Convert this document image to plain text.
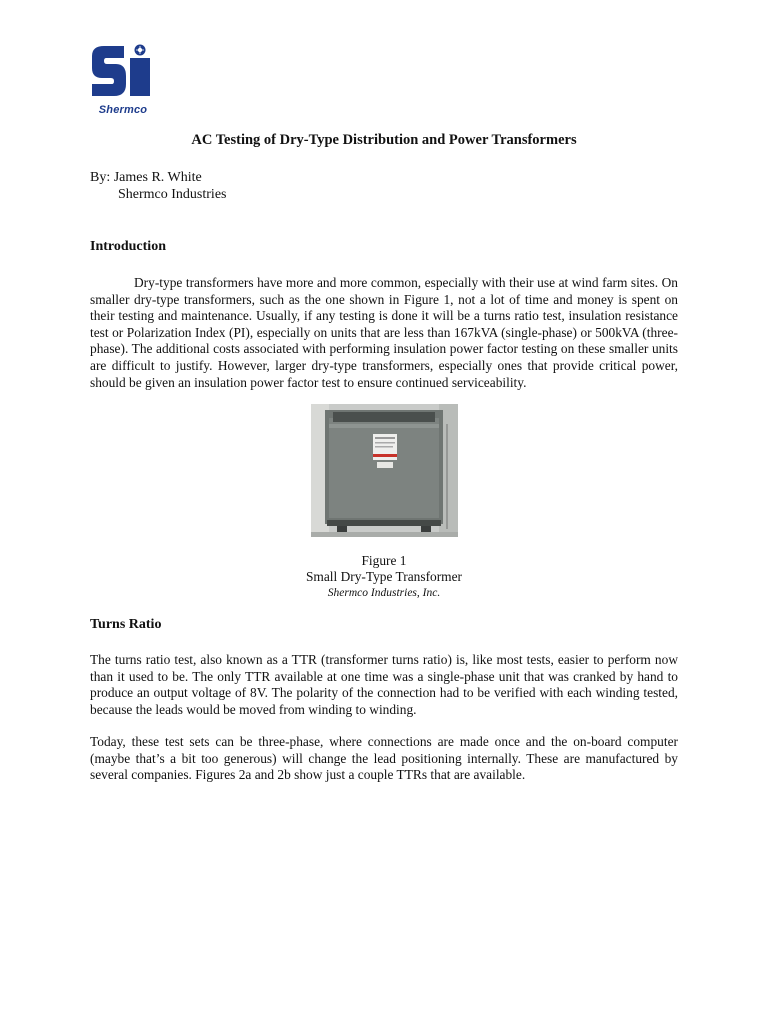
Shermco
AC Testing of Dry-Type Distribution and Power Transformers
By: James R. White
Shermco Industries
Introduction
Dry-type transformers have more and more common, especially with their use at wind farm sites. On smaller dry-type transformers, such as the one shown in Figure 1, not a lot of time and money is spent on their testing and maintenance. Usually, if any testing is done it will be a turns ratio test, insulation resistance test or Polarization Index (PI), especially on units that are less than 167kVA (single-phase) or 500kVA (three-phase). The additional costs associated with performing insulation power factor testing on these smaller units are difficult to justify. However, larger dry-type transformers, especially ones that provide critical power, should be given an insulation power factor test to ensure continued serviceability.
Figure 1
Small Dry-Type Transformer
Shermco Industries, Inc.
Turns Ratio
The turns ratio test, also known as a TTR (transformer turns ratio) is, like most tests, easier to perform now than it used to be. The only TTR available at one time was a single-phase unit that was cranked by hand to produce an output voltage of 8V. The polarity of the connection had to be verified with each winding tested, because the leads would be moved from winding to winding.
Today, these test sets can be three-phase, where connections are made once and the on-board computer (maybe that’s a bit too generous) will change the lead positioning internally. These are manufactured by several companies. Figures 2a and 2b show just a couple TTRs that are available.
